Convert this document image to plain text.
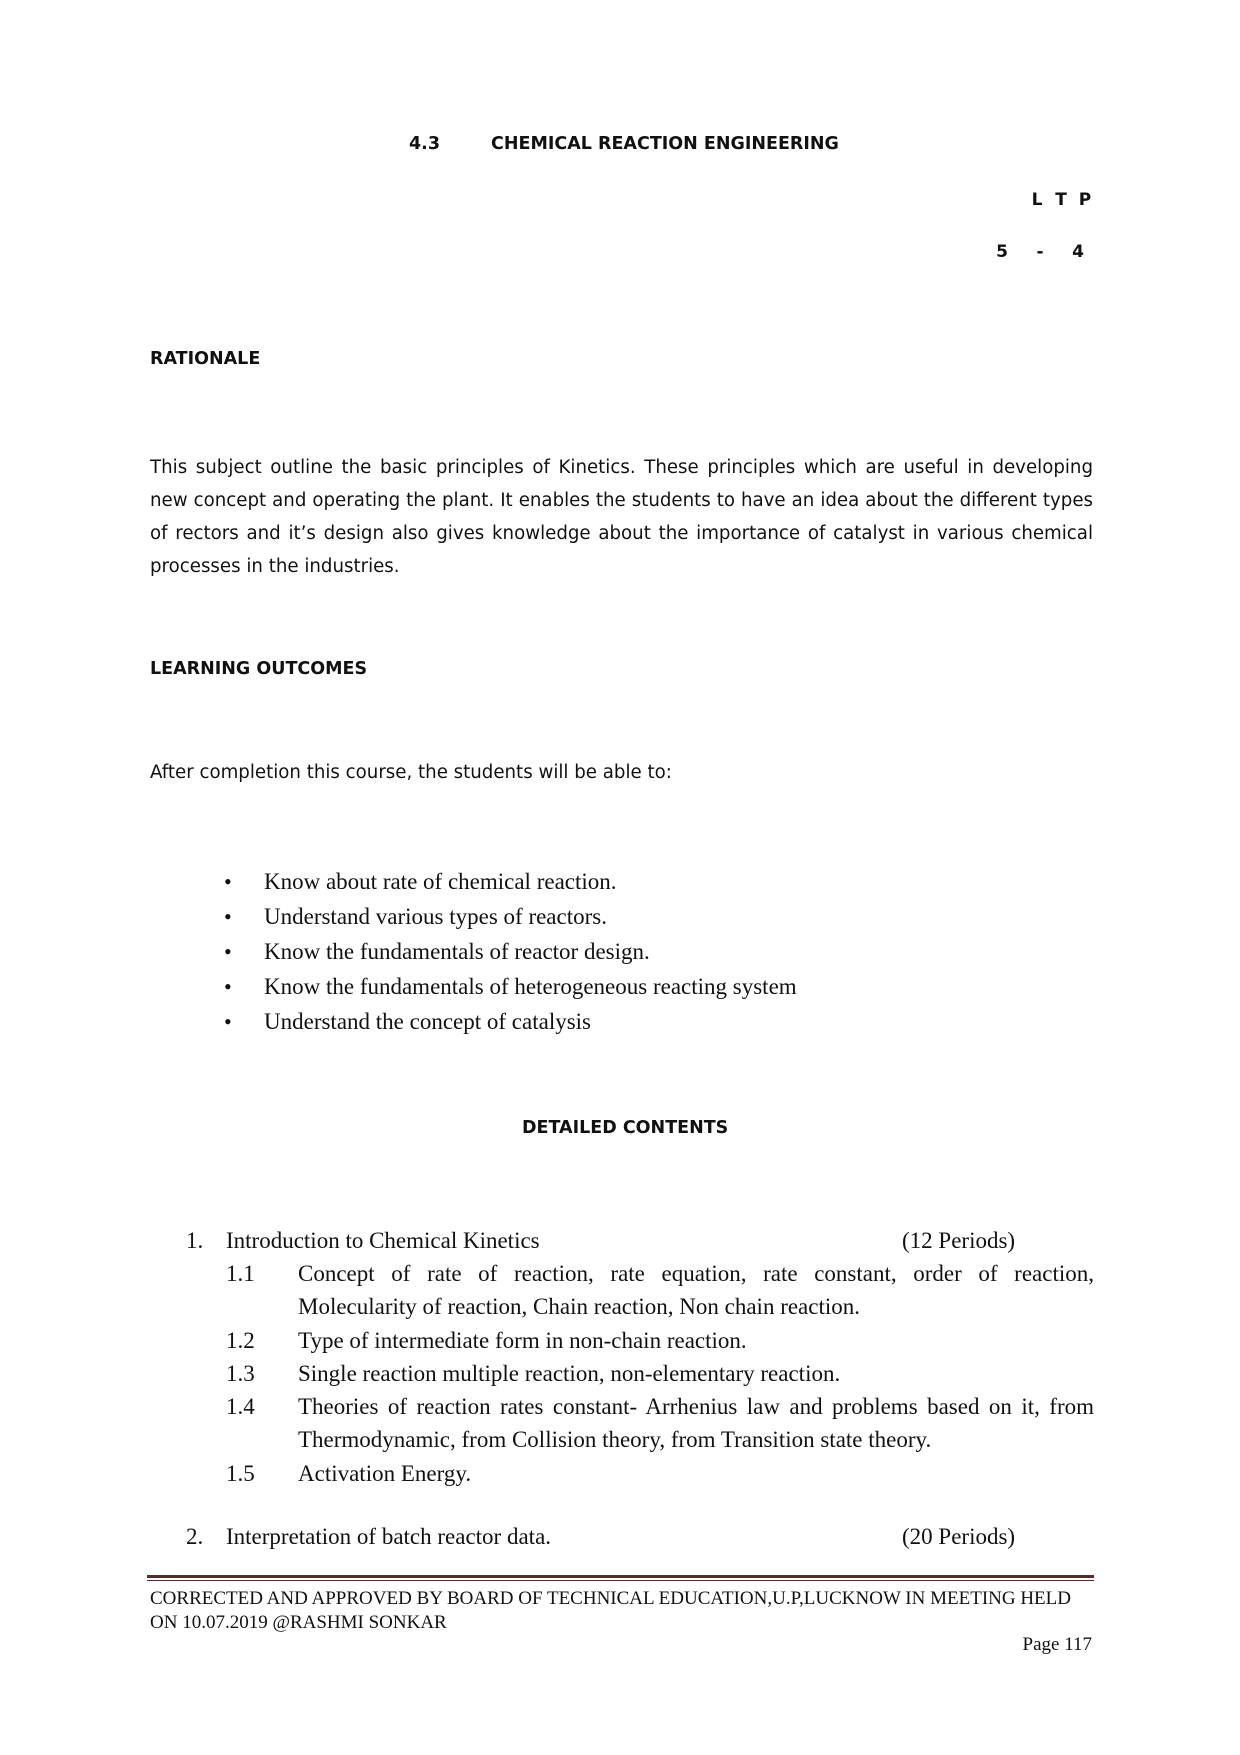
4.3	CHEMICAL REACTION ENGINEERING
L T P
5 - 4
RATIONALE
This subject outline the basic principles of Kinetics. These principles which are useful in developing new concept and operating the plant. It enables the students to have an idea about the different types of rectors and it’s design also gives knowledge about the importance of catalyst in various chemical processes in the industries.
LEARNING OUTCOMES
After completion this course, the students will be able to:
• Know about rate of chemical reaction.
• Understand various types of reactors.
• Know the fundamentals of reactor design.
• Know the fundamentals of heterogeneous reacting system
• Understand the concept of catalysis
DETAILED CONTENTS
1. Introduction to Chemical Kinetics	(12 Periods)
1.1 Concept of rate of reaction, rate equation, rate constant, order of reaction, Molecularity of reaction, Chain reaction, Non chain reaction.
1.2 Type of intermediate form in non-chain reaction.
1.3 Single reaction multiple reaction, non-elementary reaction.
1.4 Theories of reaction rates constant- Arrhenius law and problems based on it, from Thermodynamic, from Collision theory, from Transition state theory.
1.5 Activation Energy.
2. Interpretation of batch reactor data.	(20 Periods)
CORRECTED AND APPROVED BY BOARD OF TECHNICAL EDUCATION,U.P,LUCKNOW IN MEETING HELD ON 10.07.2019 @RASHMI SONKAR
Page 117
